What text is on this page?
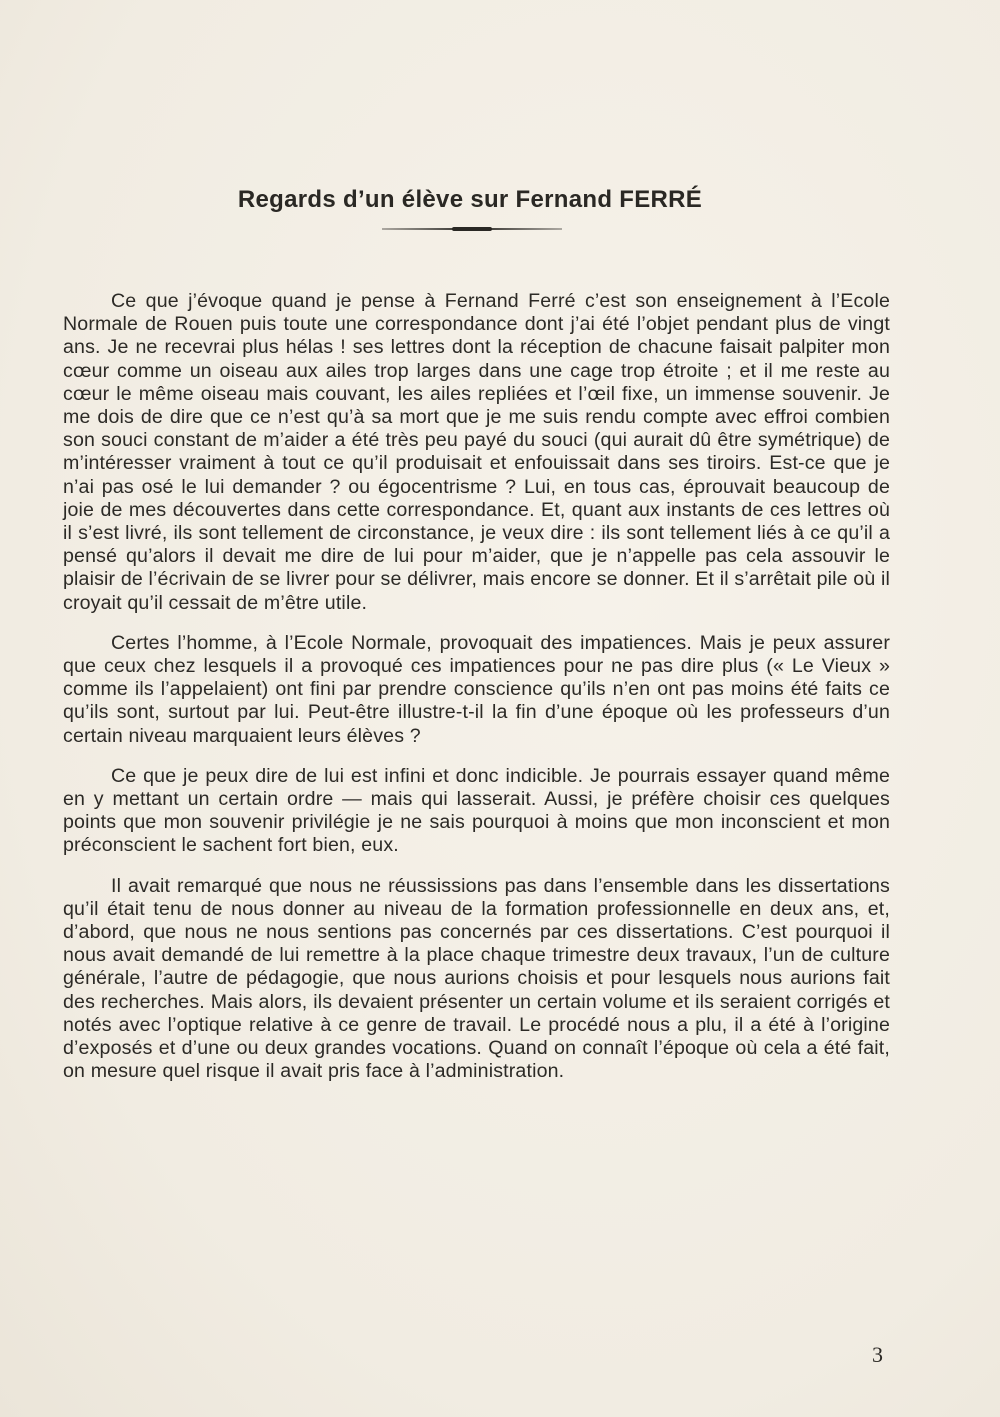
Regards d’un élève sur Fernand FERRÉ

Ce que j’évoque quand je pense à Fernand Ferré c’est son enseignement à l’Ecole Normale de Rouen puis toute une correspondance dont j’ai été l’objet pendant plus de vingt ans. Je ne recevrai plus hélas ! ses lettres dont la réception de chacune faisait palpiter mon cœur comme un oiseau aux ailes trop larges dans une cage trop étroite ; et il me reste au cœur le même oiseau mais couvant, les ailes repliées et l’œil fixe, un immense souvenir. Je me dois de dire que ce n’est qu’à sa mort que je me suis rendu compte avec effroi combien son souci constant de m’aider a été très peu payé du souci (qui aurait dû être symétrique) de m’intéresser vraiment à tout ce qu’il produisait et enfouissait dans ses tiroirs. Est-ce que je n’ai pas osé le lui demander ? ou égocentrisme ? Lui, en tous cas, éprouvait beaucoup de joie de mes découvertes dans cette correspondance. Et, quant aux instants de ces lettres où il s’est livré, ils sont tellement de circonstance, je veux dire : ils sont tellement liés à ce qu’il a pensé qu’alors il devait me dire de lui pour m’aider, que je n’appelle pas cela assouvir le plaisir de l’écrivain de se livrer pour se délivrer, mais encore se donner. Et il s’arrêtait pile où il croyait qu’il cessait de m’être utile.

Certes l’homme, à l’Ecole Normale, provoquait des impatiences. Mais je peux assurer que ceux chez lesquels il a provoqué ces impatiences pour ne pas dire plus (« Le Vieux » comme ils l’appelaient) ont fini par prendre conscience qu’ils n’en ont pas moins été faits ce qu’ils sont, surtout par lui. Peut-être illustre-t-il la fin d’une époque où les professeurs d’un certain niveau marquaient leurs élèves ?

Ce que je peux dire de lui est infini et donc indicible. Je pourrais essayer quand même en y mettant un certain ordre — mais qui lasserait. Aussi, je préfère choisir ces quelques points que mon souvenir privilégie je ne sais pourquoi à moins que mon inconscient et mon préconscient le sachent fort bien, eux.

Il avait remarqué que nous ne réussissions pas dans l’ensemble dans les dissertations qu’il était tenu de nous donner au niveau de la formation professionnelle en deux ans, et, d’abord, que nous ne nous sentions pas concernés par ces dissertations. C’est pourquoi il nous avait demandé de lui remettre à la place chaque trimestre deux travaux, l’un de culture générale, l’autre de pédagogie, que nous aurions choisis et pour lesquels nous aurions fait des recherches. Mais alors, ils devaient présenter un certain volume et ils seraient corrigés et notés avec l’optique relative à ce genre de travail. Le procédé nous a plu, il a été à l’origine d’exposés et d’une ou deux grandes vocations. Quand on connaît l’époque où cela a été fait, on mesure quel risque il avait pris face à l’administration.

3
